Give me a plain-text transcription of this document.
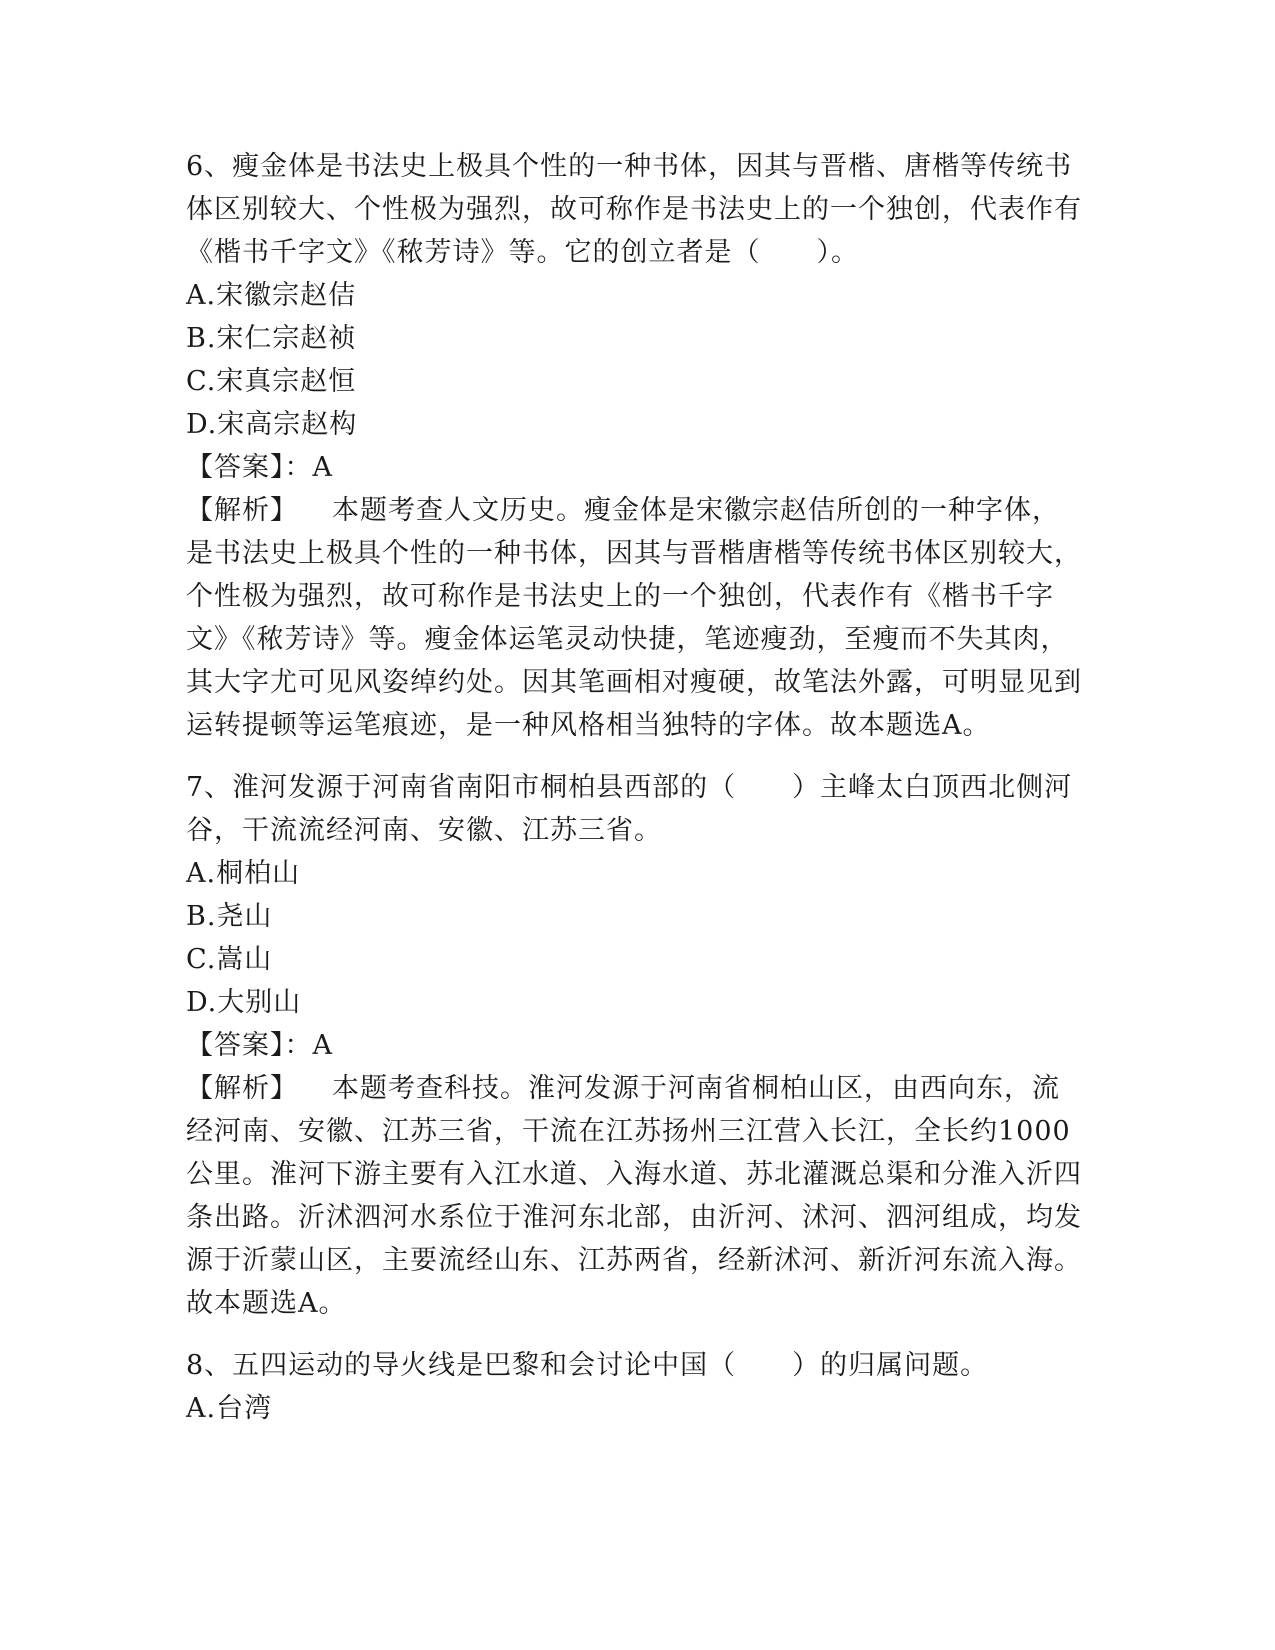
6、瘦金体是书法史上极具个性的一种书体，因其与晋楷、唐楷等传统书体区别较大、个性极为强烈，故可称作是书法史上的一个独创，代表作有《楷书千字文》《秾芳诗》等。它的创立者是（　　）。

A.宋徽宗赵佶

B.宋仁宗赵祯

C.宋真宗赵恒

D.宋高宗赵构

【答案】：A

【解析】 本题考查人文历史。瘦金体是宋徽宗赵佶所创的一种字体，是书法史上极具个性的一种书体，因其与晋楷唐楷等传统书体区别较大，个性极为强烈，故可称作是书法史上的一个独创，代表作有《楷书千字文》《秾芳诗》等。瘦金体运笔灵动快捷，笔迹瘦劲，至瘦而不失其肉，其大字尤可见风姿绰约处。因其笔画相对瘦硬，故笔法外露，可明显见到运转提顿等运笔痕迹，是一种风格相当独特的字体。故本题选A。

7、淮河发源于河南省南阳市桐柏县西部的（　　）主峰太白顶西北侧河谷，干流流经河南、安徽、江苏三省。

A.桐柏山

B.尧山

C.嵩山

D.大别山

【答案】：A

【解析】 本题考查科技。淮河发源于河南省桐柏山区，由西向东，流经河南、安徽、江苏三省，干流在江苏扬州三江营入长江，全长约1000公里。淮河下游主要有入江水道、入海水道、苏北灌溉总渠和分淮入沂四条出路。沂沭泗河水系位于淮河东北部，由沂河、沭河、泗河组成，均发源于沂蒙山区，主要流经山东、江苏两省，经新沭河、新沂河东流入海。故本题选A。

8、五四运动的导火线是巴黎和会讨论中国（　　）的归属问题。

A.台湾
